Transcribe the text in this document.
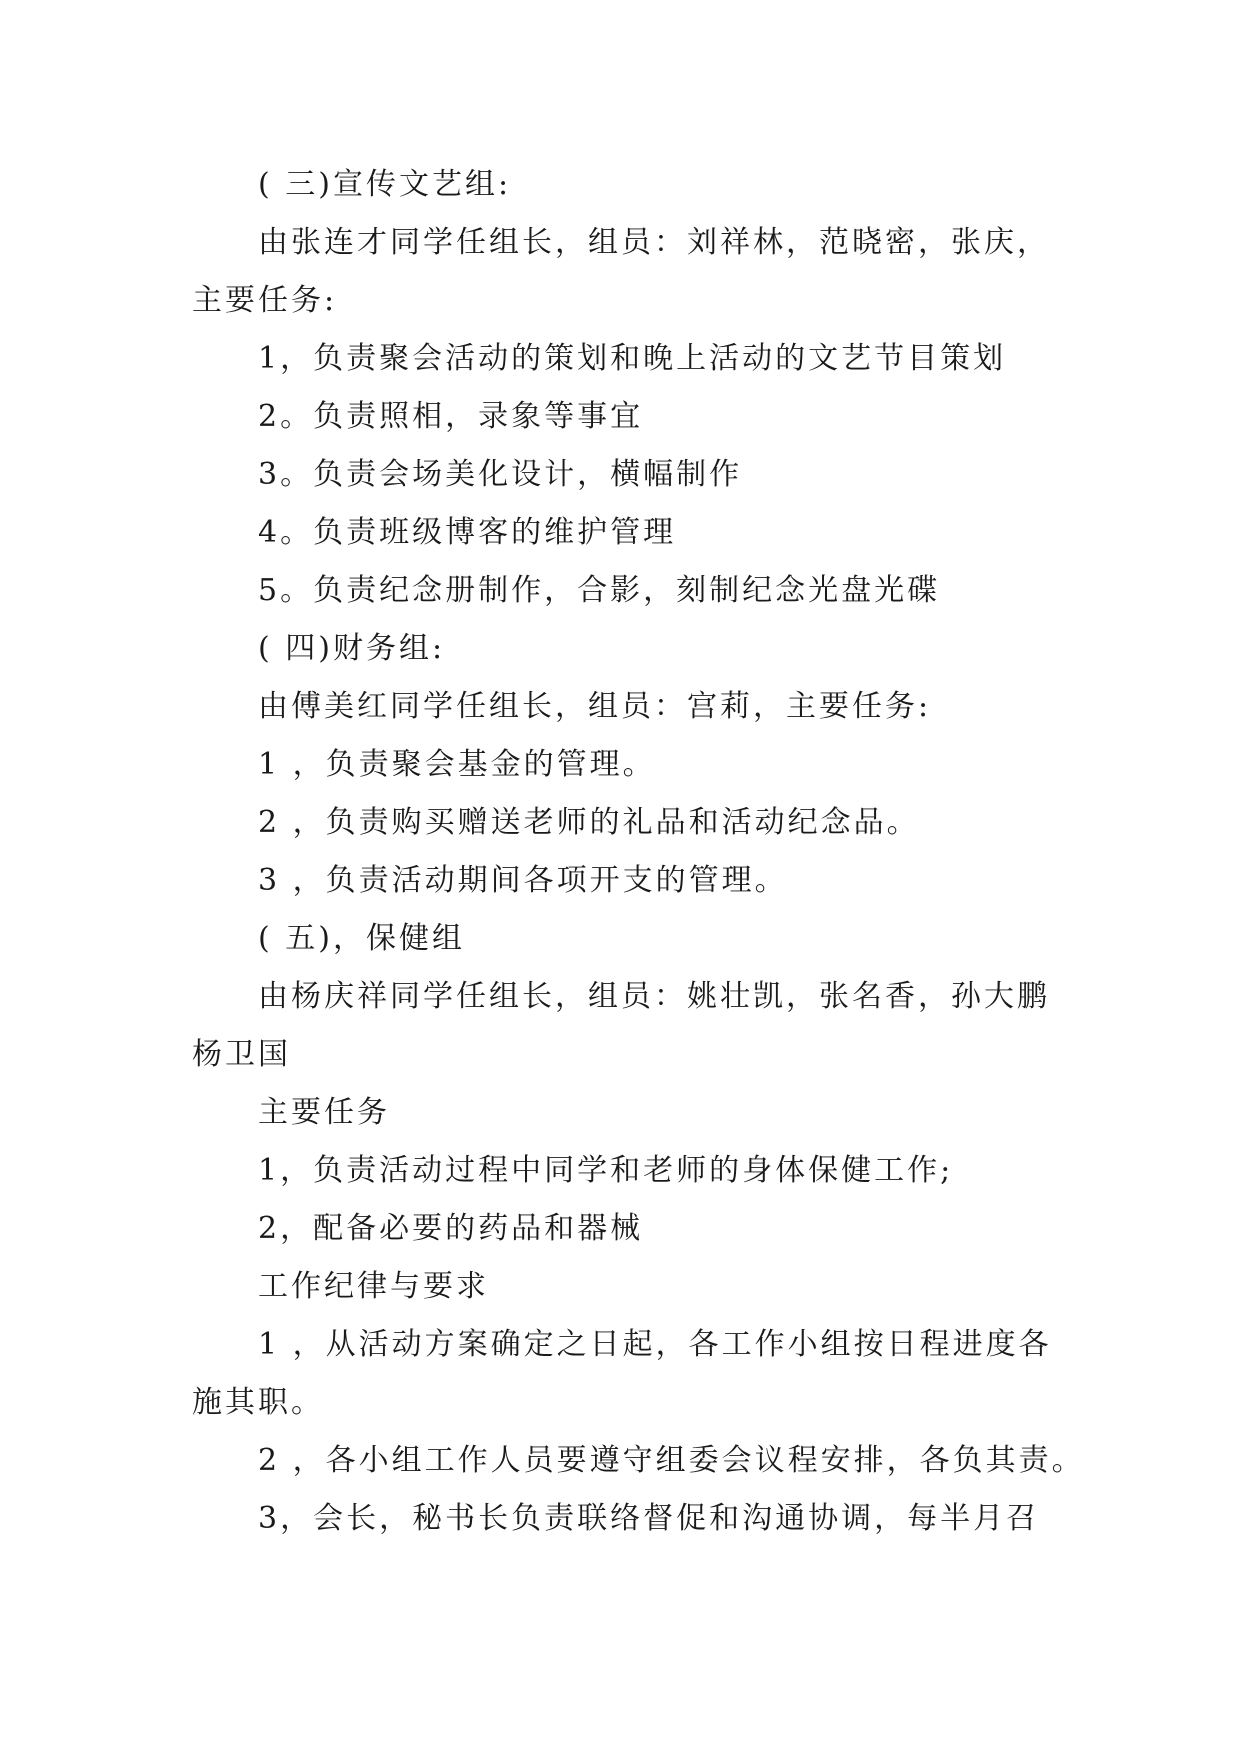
( 三)宣传文艺组:
由张连才同学任组长，组员：刘祥林，范晓密，张庆，
主要任务:
1，负责聚会活动的策划和晚上活动的文艺节目策划
2。负责照相，录象等事宜
3。负责会场美化设计，横幅制作
4。负责班级博客的维护管理
5。负责纪念册制作，合影，刻制纪念光盘光碟
( 四)财务组:
由傅美红同学任组长，组员：宫莉，主要任务:
1 ，负责聚会基金的管理。
2 ，负责购买赠送老师的礼品和活动纪念品。
3 ，负责活动期间各项开支的管理。
( 五)，保健组
由杨庆祥同学任组长，组员：姚壮凯，张名香，孙大鹏
杨卫国
主要任务
1，负责活动过程中同学和老师的身体保健工作;
2，配备必要的药品和器械
工作纪律与要求
1 ，从活动方案确定之日起，各工作小组按日程进度各
施其职。
2 ，各小组工作人员要遵守组委会议程安排，各负其责。
3，会长，秘书长负责联络督促和沟通协调，每半月召
